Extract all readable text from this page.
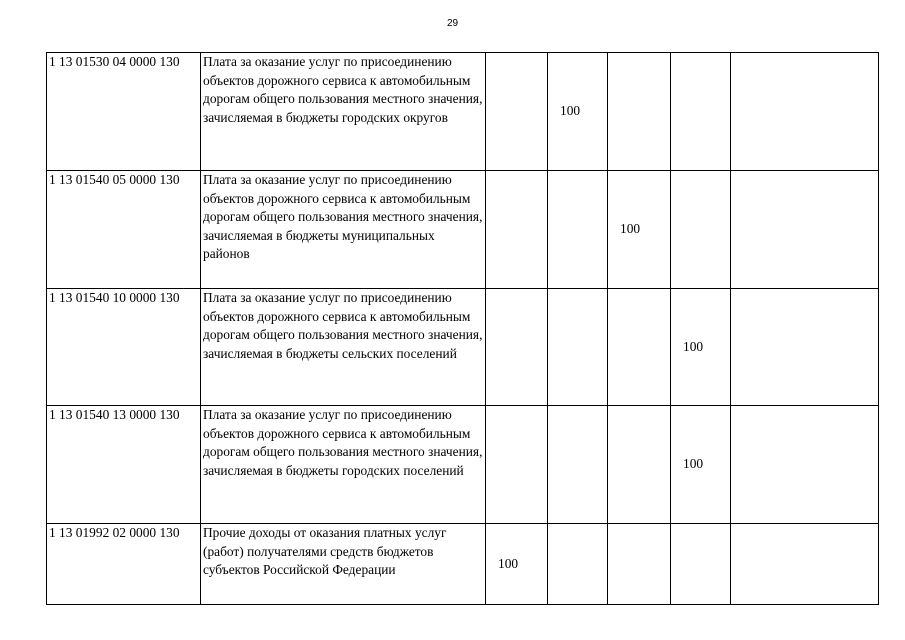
29
1 13 01530 04 0000 130	Плата за оказание услуг по присоединению объектов дорожного сервиса к автомобильным дорогам общего пользования местного значения, зачисляемая в бюджеты городских округов		100			
1 13 01540 05 0000 130	Плата за оказание услуг по присоединению объектов дорожного сервиса к автомобильным дорогам общего пользования местного значения, зачисляемая в бюджеты муниципальных районов			100		
1 13 01540 10 0000 130	Плата за оказание услуг по присоединению объектов дорожного сервиса к автомобильным дорогам общего пользования местного значения, зачисляемая в бюджеты сельских поселений				100	
1 13 01540 13 0000 130	Плата за оказание услуг по присоединению объектов дорожного сервиса к автомобильным дорогам общего пользования местного значения, зачисляемая в бюджеты городских поселений				100	
1 13 01992 02 0000 130	Прочие доходы от оказания платных услуг (работ) получателями средств бюджетов субъектов Российской Федерации	100				
